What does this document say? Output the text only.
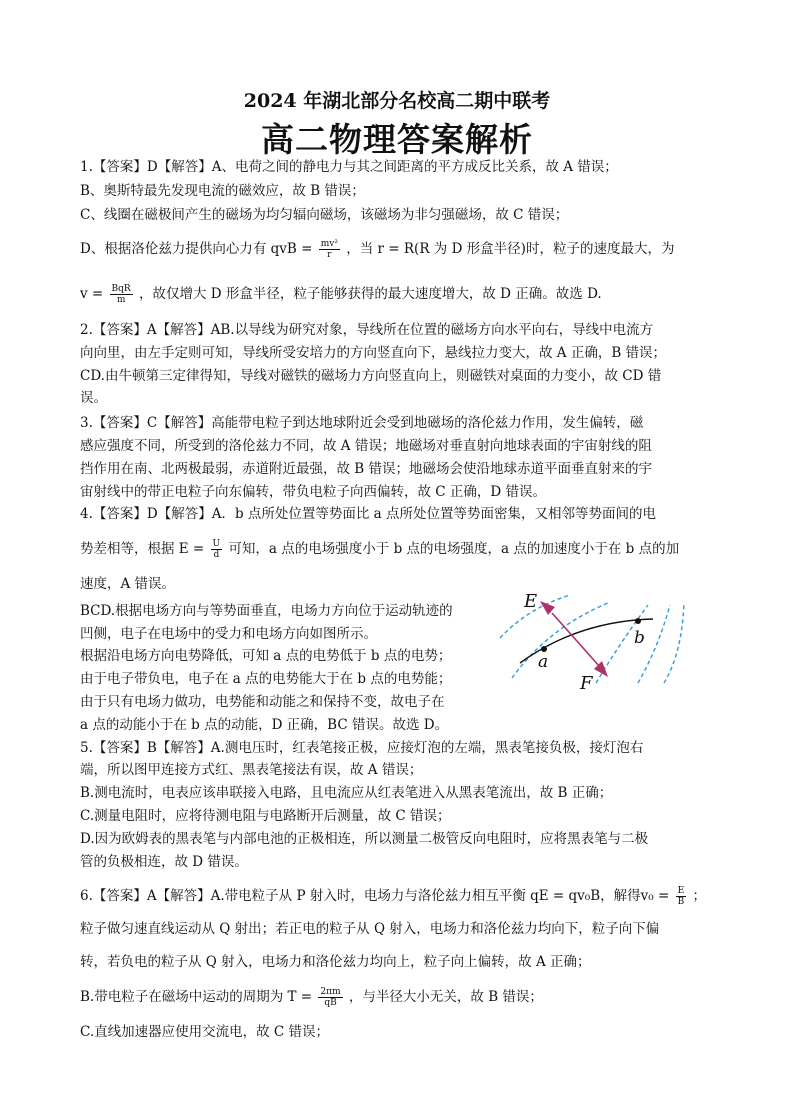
2024 年湖北部分名校高二期中联考
高二物理答案解析
1.【答案】D【解答】A、电荷之间的静电力与其之间距离的平方成反比关系，故 A 错误；
B、奥斯特最先发现电流的磁效应，故 B 错误；
C、线圈在磁极间产生的磁场为均匀辐向磁场，该磁场为非匀强磁场，故 C 错误；
D、根据洛伦兹力提供向心力有 qvB = $\frac{\text{mv²}}{r}$ ，当 r = R(R 为 D 形盒半径)时，粒子的速度最大，为
$v = \frac{\text{BqR}}{m}$ ，故仅增大 D 形盒半径，粒子能够获得的最大速度增大，故 D 正确。故选 D.
2.【答案】A【解答】AB.以导线为研究对象，导线所在位置的磁场方向水平向右，导线中电流方
向向里，由左手定则可知，导线所受安培力的方向竖直向下，悬线拉力变大，故 A 正确，B 错误；
CD.由牛顿第三定律得知，导线对磁铁的磁场力方向竖直向上，则磁铁对桌面的力变小，故 CD 错
误。
3.【答案】C【解答】高能带电粒子到达地球附近会受到地磁场的洛伦兹力作用，发生偏转，磁
感应强度不同，所受到的洛伦兹力不同，故 A 错误；地磁场对垂直射向地球表面的宇宙射线的阻
挡作用在南、北两极最弱，赤道附近最强，故 B 错误；地磁场会使沿地球赤道平面垂直射来的宇
宙射线中的带正电粒子向东偏转，带负电粒子向西偏转，故 C 正确，D 错误。
4.【答案】D【解答】A．b 点所处位置等势面比 a 点所处位置等势面密集，又相邻等势面间的电
势差相等，根据 $E = \frac{U}{d}$ 可知，a 点的电场强度小于 b 点的电场强度，a 点的加速度小于在 b 点的加
速度，A 错误。
BCD.根据电场方向与等势面垂直，电场力方向位于运动轨迹的
凹侧，电子在电场中的受力和电场方向如图所示。
根据沿电场方向电势降低，可知 a 点的电势低于 b 点的电势；
由于电子带负电，电子在 a 点的电势能大于在 b 点的电势能；
由于只有电场力做功，电势能和动能之和保持不变，故电子在
a 点的动能小于在 b 点的动能，D 正确，BC 错误。故选 D。
5.【答案】B【解答】A.测电压时，红表笔接正极，应接灯泡的左端，黑表笔接负极，接灯泡右
端，所以图甲连接方式红、黑表笔接法有误，故 A 错误；
B.测电流时，电表应该串联接入电路，且电流应从红表笔进入从黑表笔流出，故 B 正确；
C.测量电阻时，应将待测电阻与电路断开后测量，故 C 错误；
D.因为欧姆表的黑表笔与内部电池的正极相连，所以测量二极管反向电阻时，应将黑表笔与二极
管的负极相连，故 D 错误。
6.【答案】A【解答】A.带电粒子从 P 射入时，电场力与洛伦兹力相互平衡 qE = qv₀B，解得$v_0 = \frac{E}{B}$ ；
粒子做匀速直线运动从 Q 射出；若正电的粒子从 Q 射入，电场力和洛伦兹力均向下，粒子向下偏
转，若负电的粒子从 Q 射入，电场力和洛伦兹力均向上，粒子向上偏转，故 A 正确；
B.带电粒子在磁场中运动的周期为 $T = \frac{2\pi m}{qB}$ ，与半径大小无关，故 B 错误；
C.直线加速器应使用交流电，故 C 错误；
E
F
a
b
